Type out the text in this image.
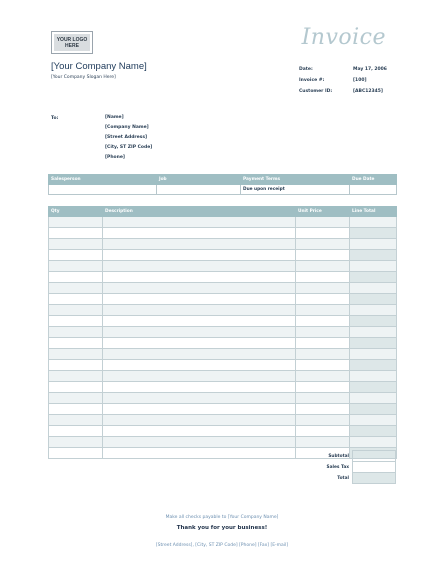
YOUR LOGO
HERE	Invoice
[Your Company Name]
[Your Company Slogan Here]
Date:	May 17, 2006
Invoice #:	[100]
Customer ID:	[ABC12345]
To:	[Name]
[Company Name]
[Street Address]
[City, ST ZIP Code]
[Phone]
Salesperson	Job	Payment Terms	Due Date
		Due upon receipt	
Qty	Description	Unit Price	Line Total

Subtotal	
Sales Tax	
Total	
Make all checks payable to [Your Company Name]
Thank you for your business!
[Street Address], [City, ST ZIP Code] [Phone] [Fax] [E-mail]
